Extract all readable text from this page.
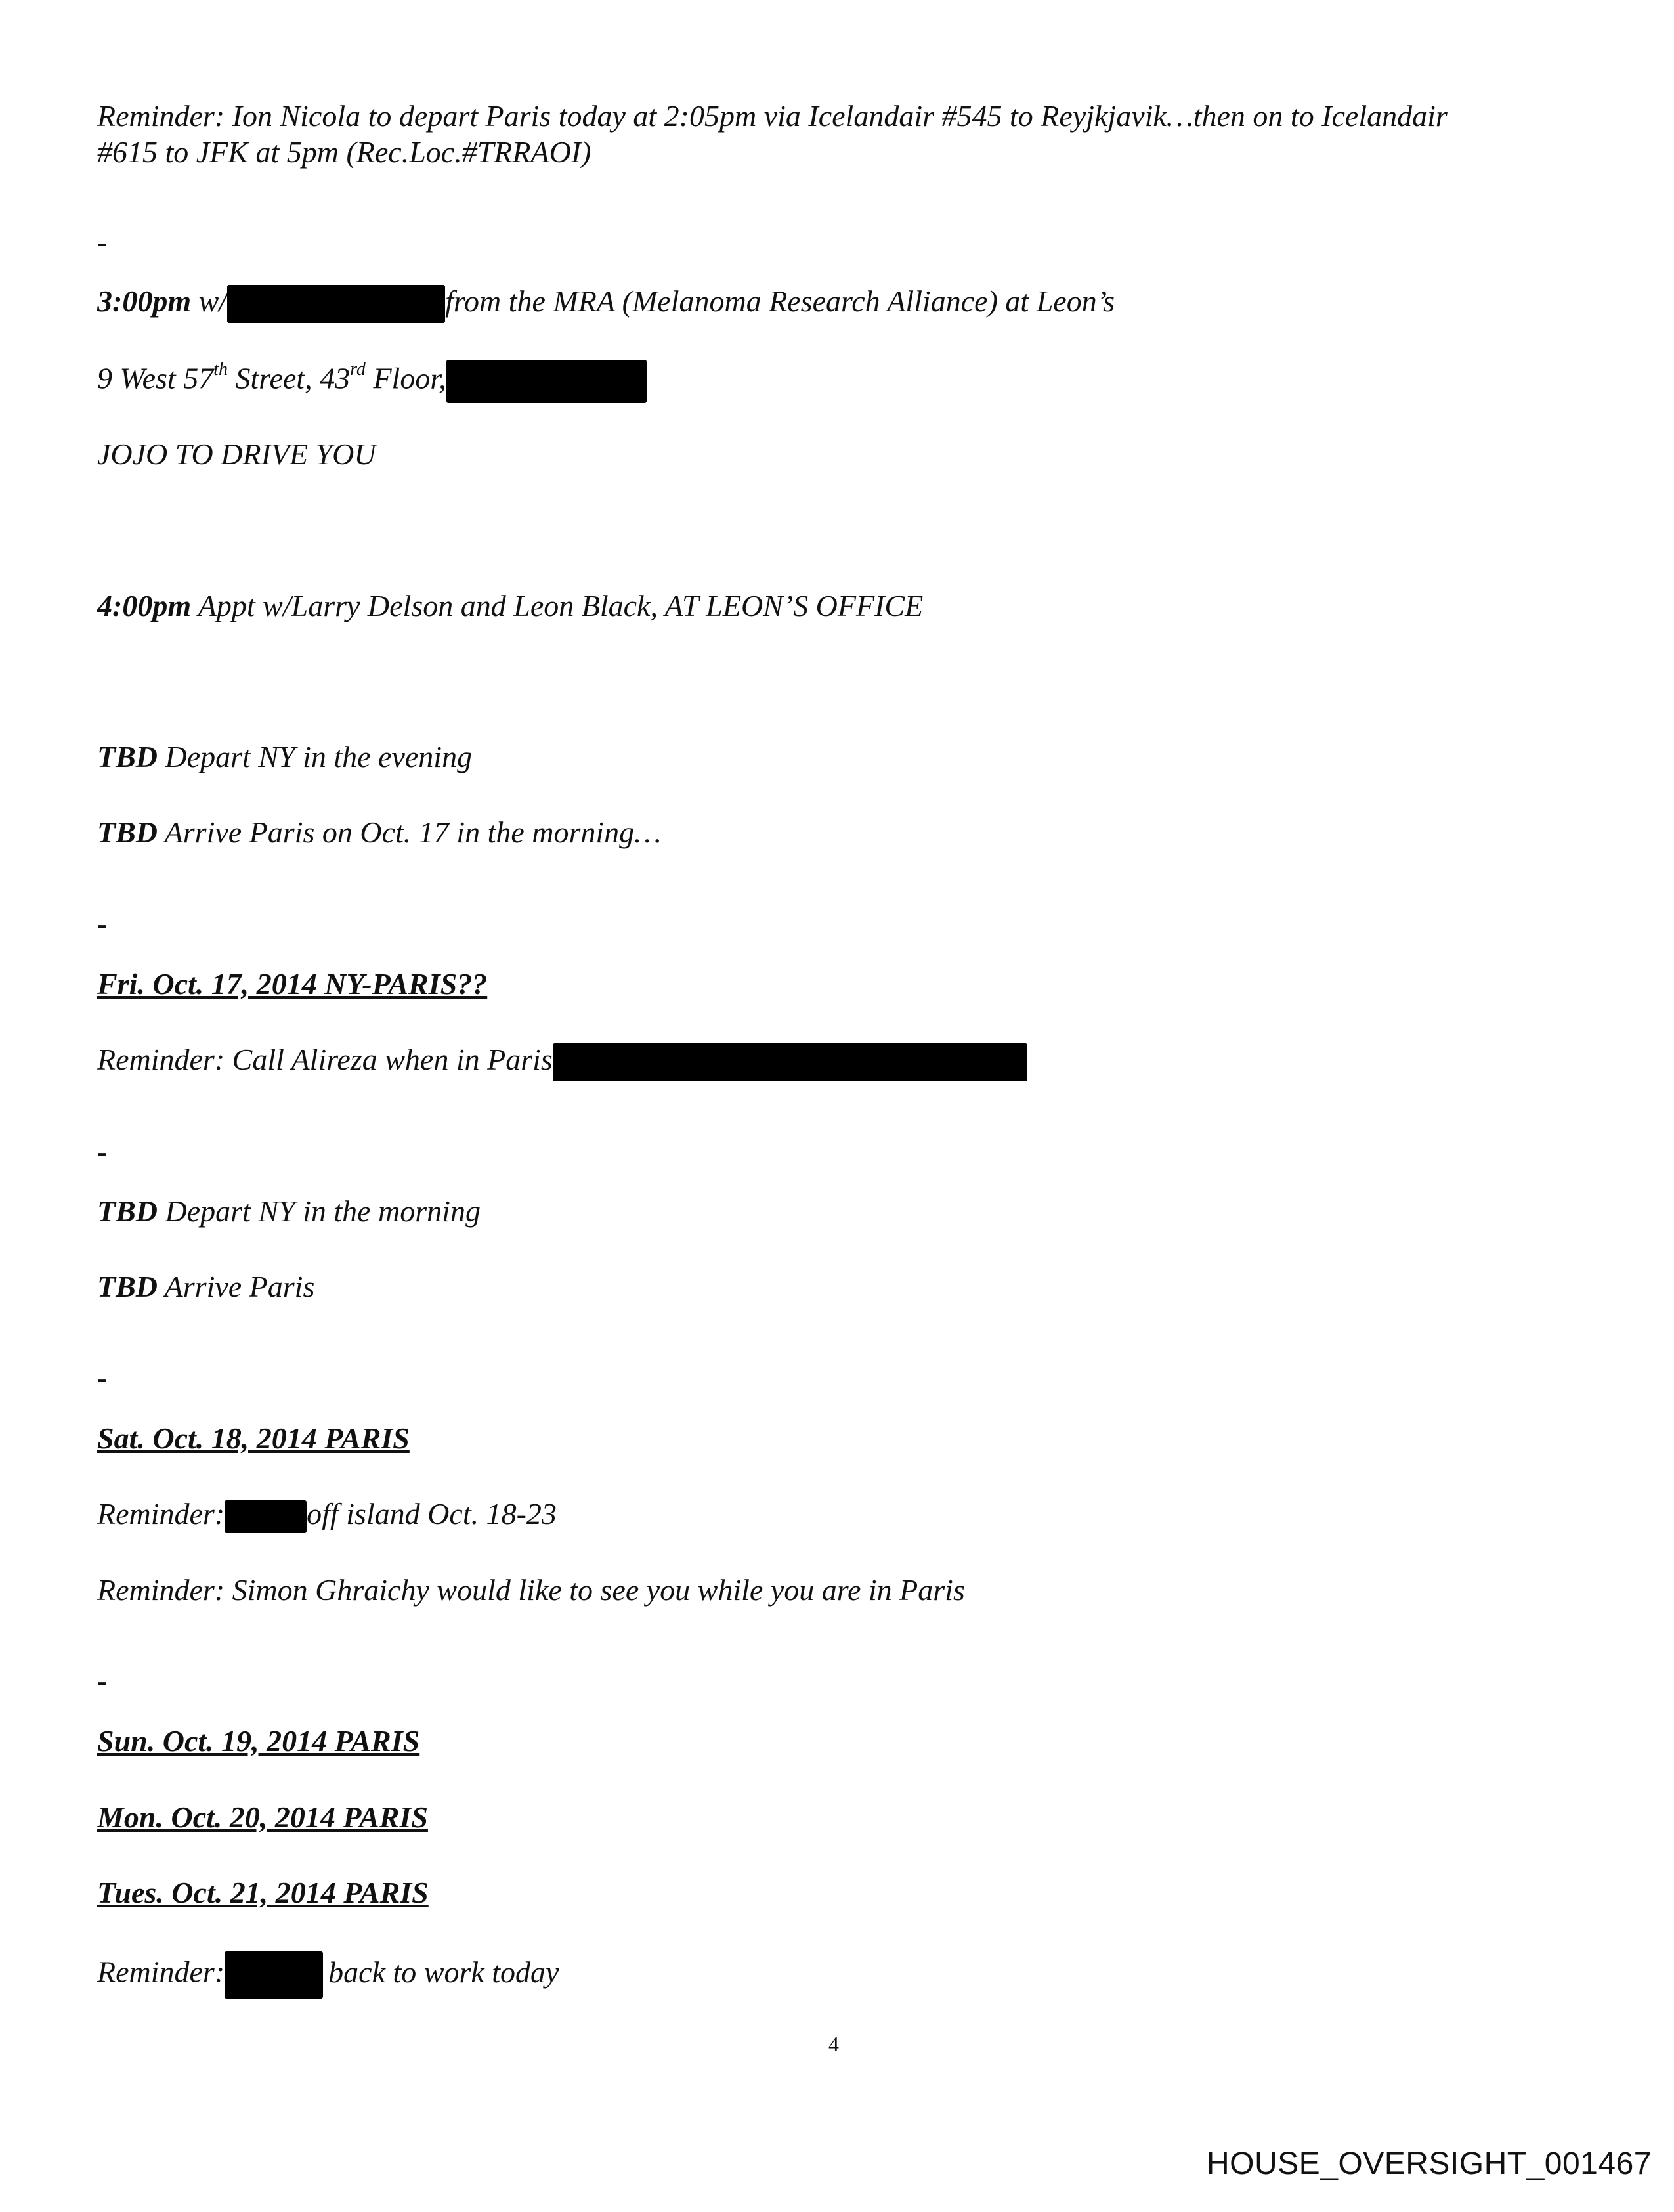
Reminder: Ion Nicola to depart Paris today at 2:05pm via Icelandair #545 to Reyjkjavik…then on to Icelandair

#615 to JFK at 5pm (Rec.Loc.#TRRAOI)

-

3:00pm w/	from the MRA (Melanoma Research Alliance) at Leon’s

9 West 57th Street, 43rd Floor,

JOJO TO DRIVE YOU

4:00pm Appt w/Larry Delson and Leon Black, AT LEON’S OFFICE

TBD Depart NY in the evening

TBD Arrive Paris on Oct. 17 in the morning…

-

Fri. Oct. 17, 2014 NY-PARIS??

Reminder: Call Alireza when in Paris

-

TBD Depart NY in the morning

TBD Arrive Paris

-

Sat. Oct. 18, 2014 PARIS

Reminder:	off island Oct. 18-23

Reminder: Simon Ghraichy would like to see you while you are in Paris

-

Sun. Oct. 19, 2014 PARIS

Mon. Oct. 20, 2014 PARIS

Tues. Oct. 21, 2014 PARIS

Reminder:	back to work today

4
HOUSE_OVERSIGHT_001467
